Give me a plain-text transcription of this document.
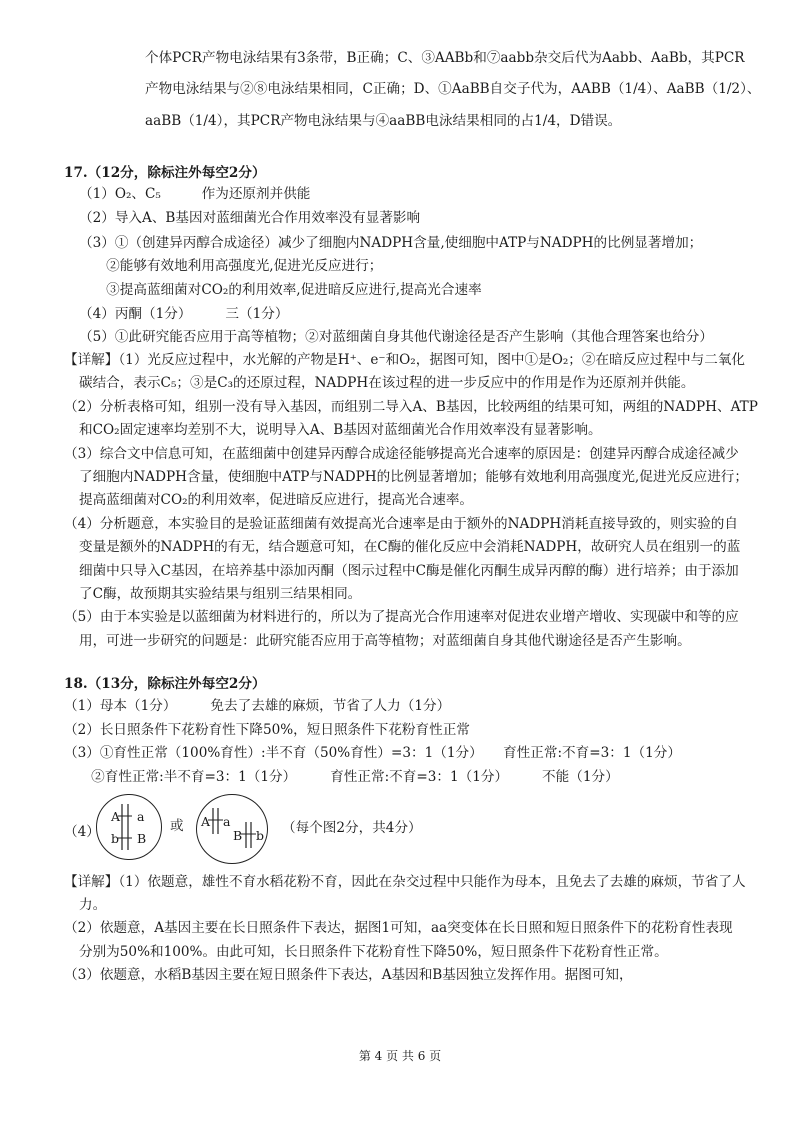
个体PCR产物电泳结果有3条带，B正确；C、③AABb和⑦aabb杂交后代为Aabb、AaBb，其PCR
产物电泳结果与②⑧电泳结果相同，C正确；D、①AaBB自交子代为，AABB（1/4）、AaBB（1/2）、
aaBB（1/4），其PCR产物电泳结果与④aaBB电泳结果相同的占1/4，D错误。
17.（12分，除标注外每空2分）
（1）O₂、C₅　　　作为还原剂并供能
（2）导入A、B基因对蓝细菌光合作用效率没有显著影响
（3）①（创建异丙醇合成途径）减少了细胞内NADPH含量,使细胞中ATP与NADPH的比例显著增加；
　　②能够有效地利用高强度光,促进光反应进行；
　　③提高蓝细菌对CO₂的利用效率,促进暗反应进行,提高光合速率
（4）丙酮（1分）　　　三（1分）
（5）①此研究能否应用于高等植物；②对蓝细菌自身其他代谢途径是否产生影响（其他合理答案也给分）
【详解】（1）光反应过程中，水光解的产物是H⁺、e⁻和O₂，据图可知，图中①是O₂；②在暗反应过程中与二氧化
碳结合，表示C₅；③是C₃的还原过程，NADPH在该过程的进一步反应中的作用是作为还原剂并供能。
（2）分析表格可知，组别一没有导入基因，而组别二导入A、B基因，比较两组的结果可知，两组的NADPH、ATP
和CO₂固定速率均差别不大，说明导入A、B基因对蓝细菌光合作用效率没有显著影响。
（3）综合文中信息可知，在蓝细菌中创建异丙醇合成途径能够提高光合速率的原因是：创建异丙醇合成途径减少
了细胞内NADPH含量，使细胞中ATP与NADPH的比例显著增加；能够有效地利用高强度光,促进光反应进行；
提高蓝细菌对CO₂的利用效率，促进暗反应进行，提高光合速率。
（4）分析题意，本实验目的是验证蓝细菌有效提高光合速率是由于额外的NADPH消耗直接导致的，则实验的自
变量是额外的NADPH的有无，结合题意可知，在C酶的催化反应中会消耗NADPH，故研究人员在组别一的蓝
细菌中只导入C基因，在培养基中添加丙酮（图示过程中C酶是催化丙酮生成异丙醇的酶）进行培养；由于添加
了C酶，故预期其实验结果与组别三结果相同。
（5）由于本实验是以蓝细菌为材料进行的，所以为了提高光合作用速率对促进农业增产增收、实现碳中和等的应
用，可进一步研究的问题是：此研究能否应用于高等植物；对蓝细菌自身其他代谢途径是否产生影响。
18.（13分，除标注外每空2分）
（1）母本（1分）　　　免去了去雄的麻烦，节省了人力（1分）
（2）长日照条件下花粉育性下降50%，短日照条件下花粉育性正常
（3）①育性正常（100%育性）:半不育（50%育性）=3：1（1分）　　育性正常:不育=3：1（1分）
　　②育性正常:半不育=3：1（1分）　　　育性正常:不育=3：1（1分）　　　不能（1分）
（4）
A a
b B
或 A a
B b （每个图2分，共4分）
【详解】（1）依题意，雄性不育水稻花粉不育，因此在杂交过程中只能作为母本，且免去了去雄的麻烦，节省了人
力。
（2）依题意，A基因主要在长日照条件下表达，据图1可知，aa突变体在长日照和短日照条件下的花粉育性表现
分别为50%和100%。由此可知，长日照条件下花粉育性下降50%，短日照条件下花粉育性正常。
（3）依题意，水稻B基因主要在短日照条件下表达，A基因和B基因独立发挥作用。据图可知，
第 4 页 共 6 页
